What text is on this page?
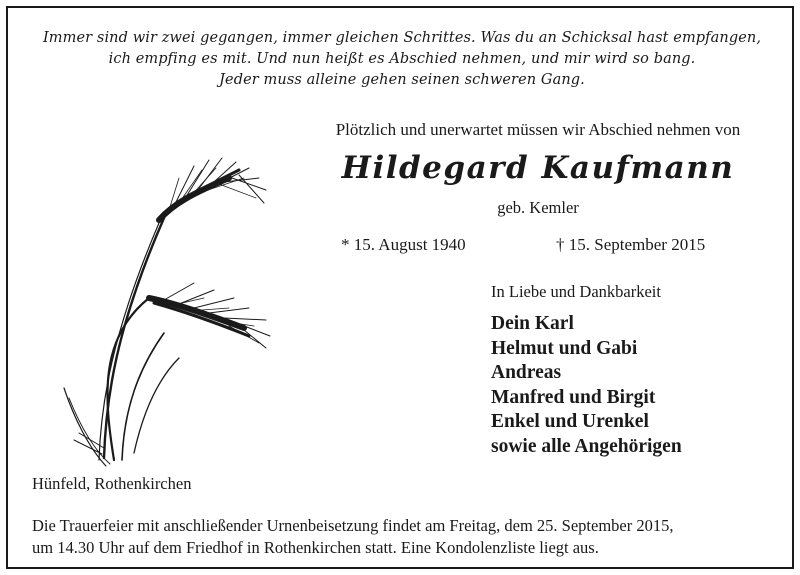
Immer sind wir zwei gegangen, immer gleichen Schrittes. Was du an Schicksal hast empfangen,
ich empfing es mit. Und nun heißt es Abschied nehmen, und mir wird so bang.
Jeder muss alleine gehen seinen schweren Gang.
Plötzlich und unerwartet müssen wir Abschied nehmen von
Hildegard Kaufmann
geb. Kemler
* 15. August 1940	† 15. September 2015
In Liebe und Dankbarkeit
Dein Karl
Helmut und Gabi
Andreas
Manfred und Birgit
Enkel und Urenkel
sowie alle Angehörigen
Hünfeld, Rothenkirchen
Die Trauerfeier mit anschließender Urnenbeisetzung findet am Freitag, dem 25. September 2015,
um 14.30 Uhr auf dem Friedhof in Rothenkirchen statt. Eine Kondolenzliste liegt aus.
